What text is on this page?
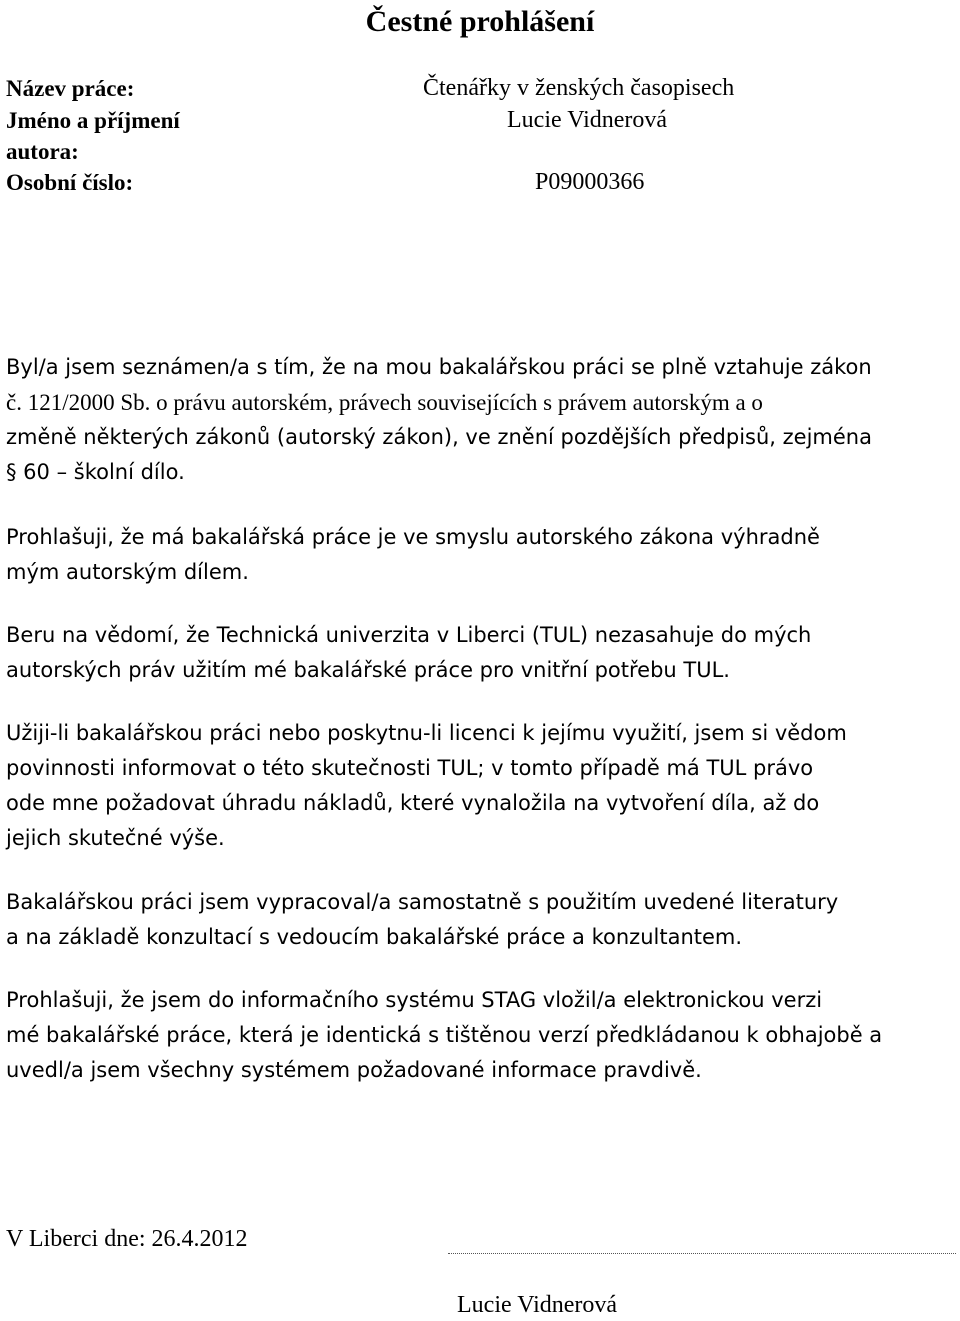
Čestné prohlášení
Název práce:	Čtenářky v ženských časopisech
Jméno a příjmení
autora:
Lucie Vidnerová
Osobní číslo:	P09000366
Byl/a jsem seznámen/a s tím, že na mou bakalářskou práci se plně vztahuje zákon
č. 121/2000 Sb. o právu autorském, právech souvisejících s právem autorským a o
změně některých zákonů (autorský zákon), ve znění pozdějších předpisů, zejména
§ 60 – školní dílo.
Prohlašuji, že má bakalářská práce je ve smyslu autorského zákona výhradně
mým autorským dílem.
Beru na vědomí, že Technická univerzita v Liberci (TUL) nezasahuje do mých
autorských práv užitím mé bakalářské práce pro vnitřní potřebu TUL.
Užiji-li bakalářskou práci nebo poskytnu-li licenci k jejímu využití, jsem si vědom
povinnosti informovat o této skutečnosti TUL; v tomto případě má TUL právo
ode mne požadovat úhradu nákladů, které vynaložila na vytvoření díla, až do
jejich skutečné výše.
Bakalářskou práci jsem vypracoval/a samostatně s použitím uvedené literatury
a na základě konzultací s vedoucím bakalářské práce a konzultantem.
Prohlašuji, že jsem do informačního systému STAG vložil/a elektronickou verzi
mé bakalářské práce, která je identická s tištěnou verzí předkládanou k obhajobě a
uvedl/a jsem všechny systémem požadované informace pravdivě.
V Liberci dne: 26.4.2012
Lucie Vidnerová
